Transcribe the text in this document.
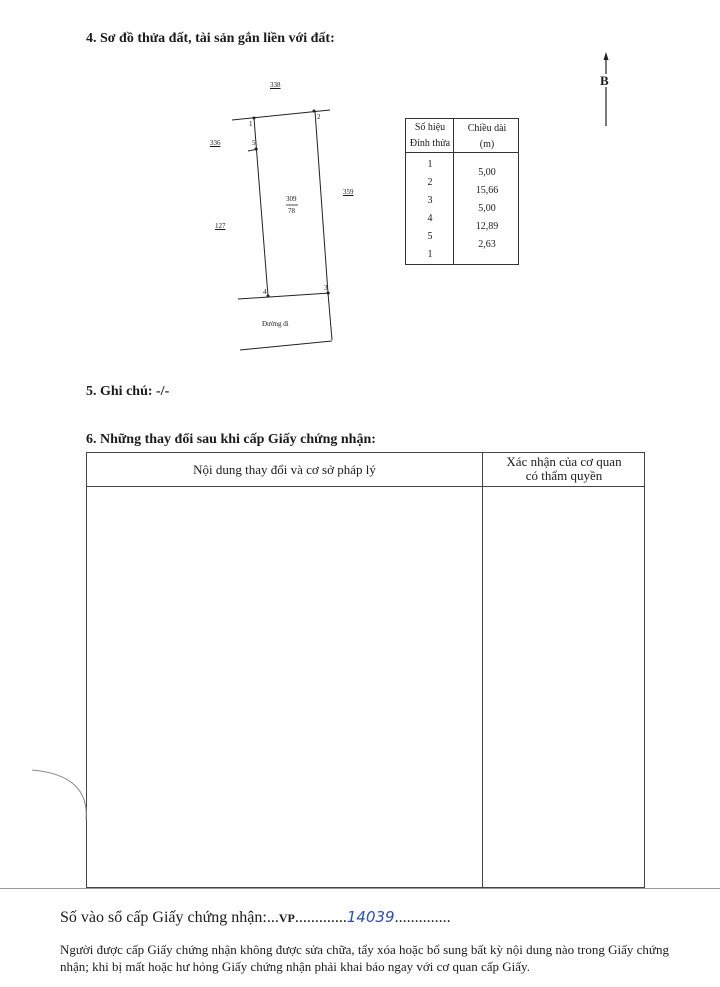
4. Sơ đồ thửa đất, tài sản gắn liền với đất:
B
338
336
127
359
309
78
Đường đi
1
2
3
4
5
Số hiệu
Đỉnh thửa
Chiều dài
(m)
1
2
3
4
5
1
5,00
15,66
5,00
12,89
2,63
5. Ghi chú: -/-
6. Những thay đổi sau khi cấp Giấy chứng nhận:
Nội dung thay đổi và cơ sở pháp lý
Xác nhận của cơ quan
có thẩm quyền
Số vào sổ cấp Giấy chứng nhận:...VP.............14039..............
Người được cấp Giấy chứng nhận không được sửa chữa, tẩy xóa hoặc bổ sung bất kỳ nội dung nào trong Giấy chứng nhận; khi bị mất hoặc hư hỏng Giấy chứng nhận phải khai báo ngay với cơ quan cấp Giấy.
